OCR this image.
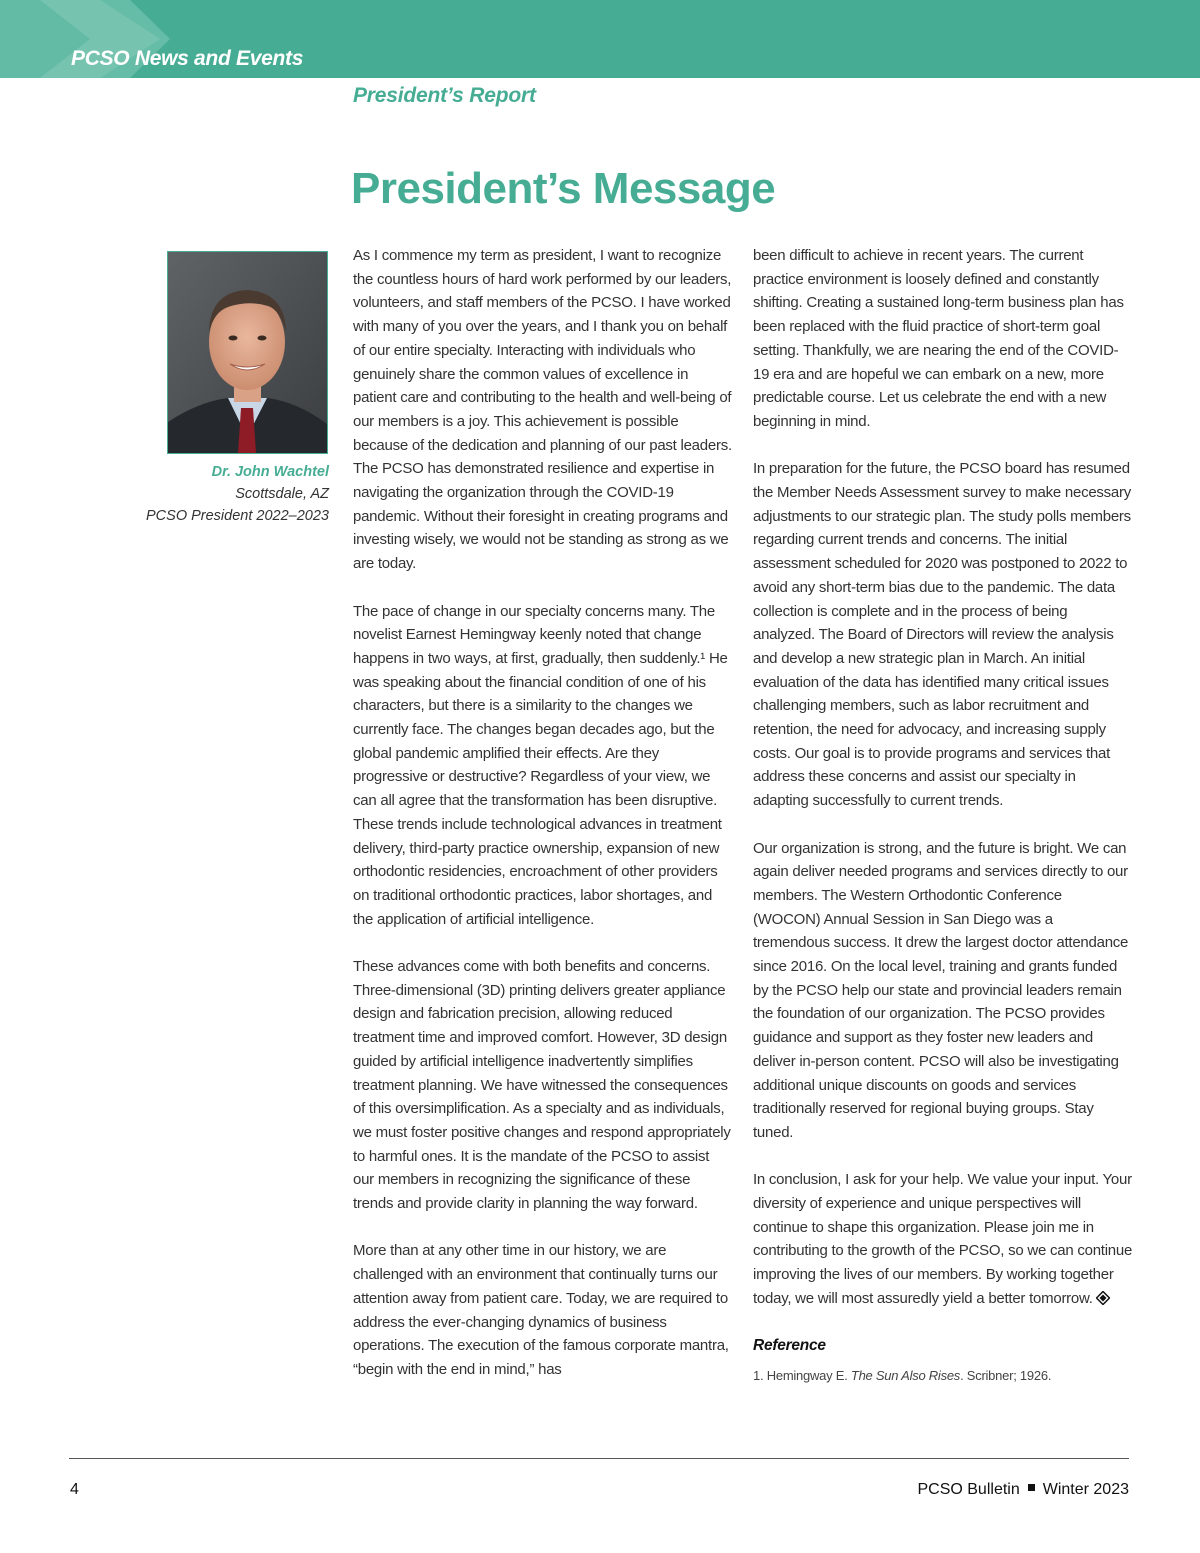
PCSO News and Events
President’s Report
President’s Message
Dr. John Wachtel
Scottsdale, AZ
PCSO President 2022–2023

As I commence my term as president, I want to recognize the countless hours of hard work performed by our leaders, volunteers, and staff members of the PCSO. I have worked with many of you over the years, and I thank you on behalf of our entire specialty. Interacting with individuals who genuinely share the common values of excellence in patient care and contributing to the health and well-being of our members is a joy. This achievement is possible because of the dedication and planning of our past leaders. The PCSO has demonstrated resilience and expertise in navigating the organization through the COVID-19 pandemic. Without their foresight in creating programs and investing wisely, we would not be standing as strong as we are today.

The pace of change in our specialty concerns many. The novelist Earnest Hemingway keenly noted that change happens in two ways, at first, gradually, then suddenly.¹ He was speaking about the financial condition of one of his characters, but there is a similarity to the changes we currently face. The changes began decades ago, but the global pandemic amplified their effects. Are they progressive or destructive? Regardless of your view, we can all agree that the transformation has been disruptive. These trends include technological advances in treatment delivery, third-party practice ownership, expansion of new orthodontic residencies, encroachment of other providers on traditional orthodontic practices, labor shortages, and the application of artificial intelligence.

These advances come with both benefits and concerns. Three-dimensional (3D) printing delivers greater appliance design and fabrication precision, allowing reduced treatment time and improved comfort. However, 3D design guided by artificial intelligence inadvertently simplifies treatment planning. We have witnessed the consequences of this oversimplification. As a specialty and as individuals, we must foster positive changes and respond appropriately to harmful ones. It is the mandate of the PCSO to assist our members in recognizing the significance of these trends and provide clarity in planning the way forward.

More than at any other time in our history, we are challenged with an environment that continually turns our attention away from patient care. Today, we are required to address the ever-changing dynamics of business operations. The execution of the famous corporate mantra, “begin with the end in mind,” has

been difficult to achieve in recent years. The current practice environment is loosely defined and constantly shifting. Creating a sustained long-term business plan has been replaced with the fluid practice of short-term goal setting. Thankfully, we are nearing the end of the COVID-19 era and are hopeful we can embark on a new, more predictable course. Let us celebrate the end with a new beginning in mind.

In preparation for the future, the PCSO board has resumed the Member Needs Assessment survey to make necessary adjustments to our strategic plan. The study polls members regarding current trends and concerns. The initial assessment scheduled for 2020 was postponed to 2022 to avoid any short-term bias due to the pandemic. The data collection is complete and in the process of being analyzed. The Board of Directors will review the analysis and develop a new strategic plan in March. An initial evaluation of the data has identified many critical issues challenging members, such as labor recruitment and retention, the need for advocacy, and increasing supply costs. Our goal is to provide programs and services that address these concerns and assist our specialty in adapting successfully to current trends.

Our organization is strong, and the future is bright. We can again deliver needed programs and services directly to our members. The Western Orthodontic Conference (WOCON) Annual Session in San Diego was a tremendous success. It drew the largest doctor attendance since 2016. On the local level, training and grants funded by the PCSO help our state and provincial leaders remain the foundation of our organization. The PCSO provides guidance and support as they foster new leaders and deliver in-person content. PCSO will also be investigating additional unique discounts on goods and services traditionally reserved for regional buying groups. Stay tuned.

In conclusion, I ask for your help. We value your input. Your diversity of experience and unique perspectives will continue to shape this organization. Please join me in contributing to the growth of the PCSO, so we can continue improving the lives of our members. By working together today, we will most assuredly yield a better tomorrow.

Reference

1. Hemingway E. The Sun Also Rises. Scribner; 1926.
4	PCSO Bulletin Winter 2023
